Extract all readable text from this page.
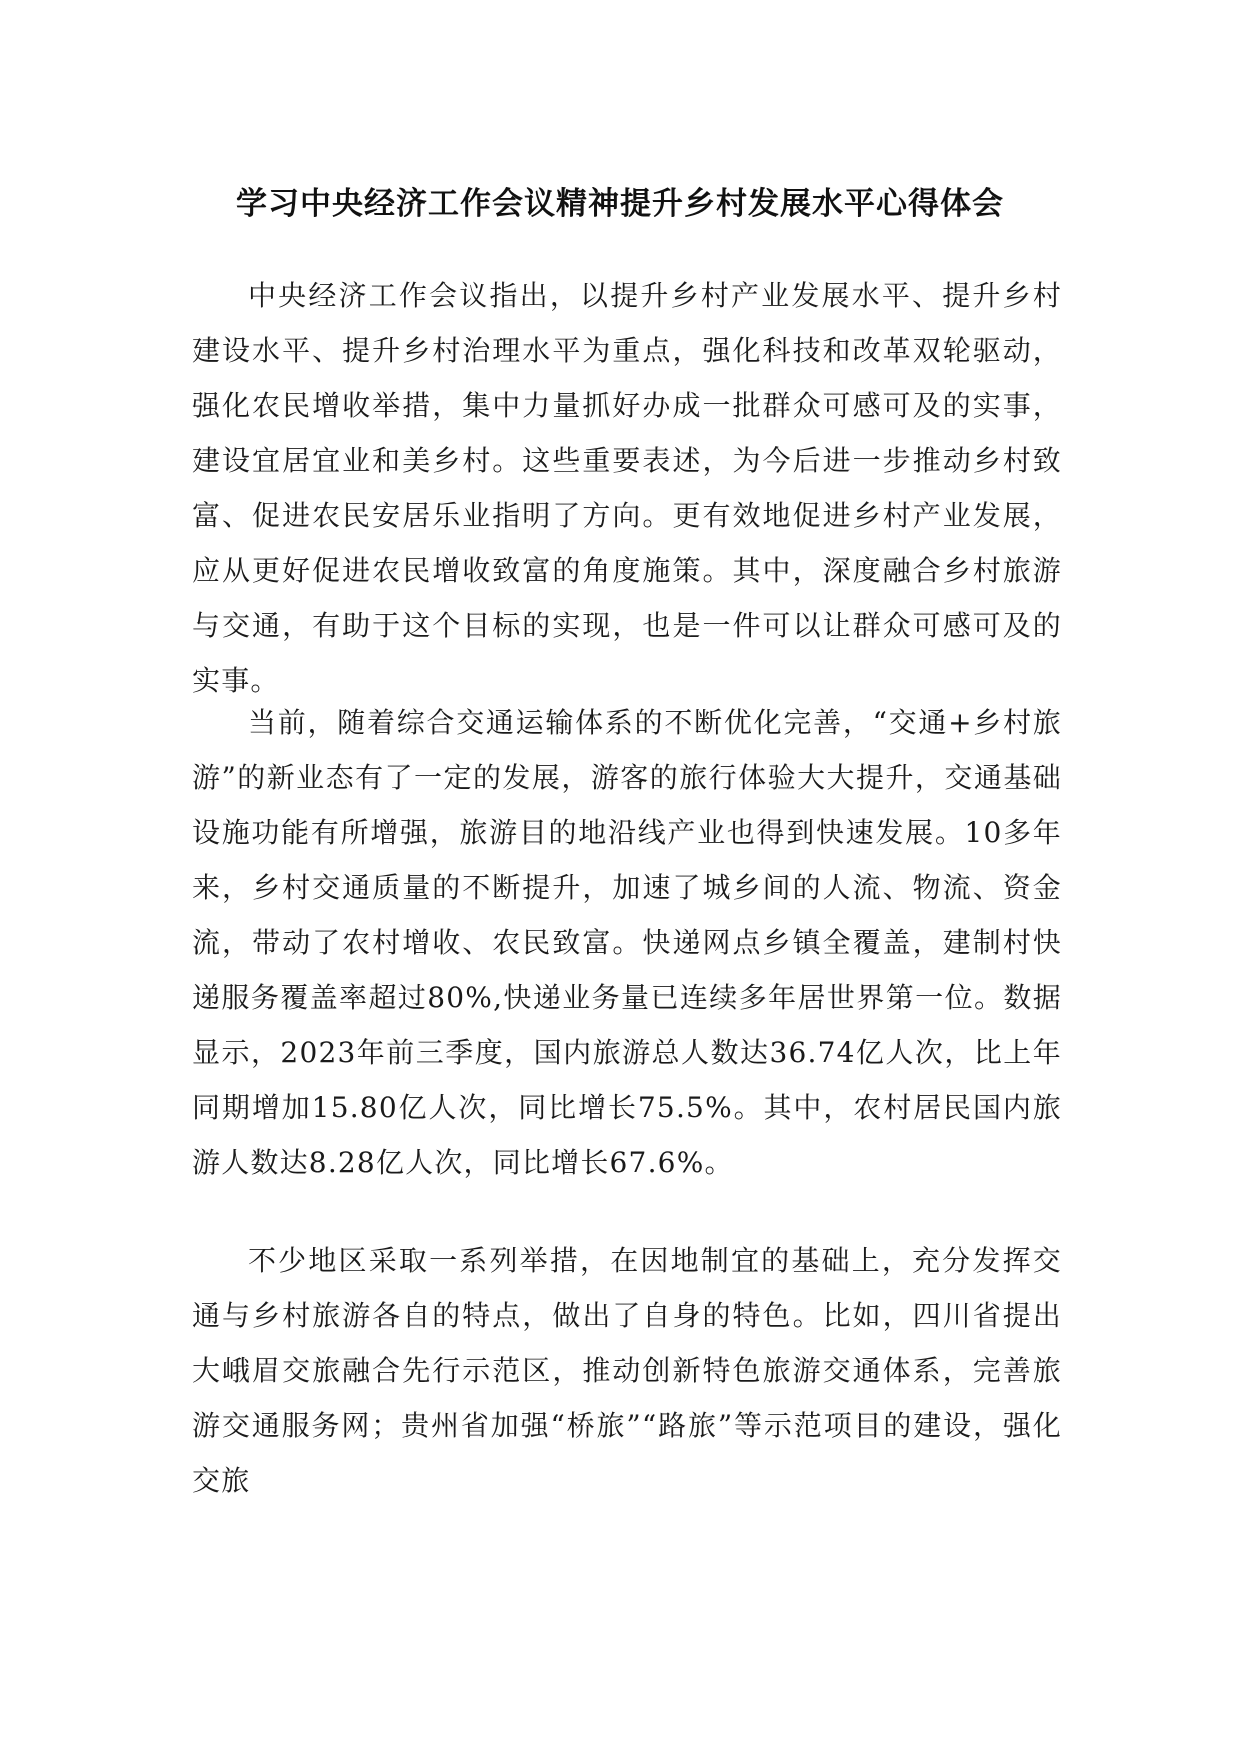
学习中央经济工作会议精神提升乡村发展水平心得体会

中央经济工作会议指出，以提升乡村产业发展水平、提升乡村建设水平、提升乡村治理水平为重点，强化科技和改革双轮驱动，强化农民增收举措，集中力量抓好办成一批群众可感可及的实事，建设宜居宜业和美乡村。这些重要表述，为今后进一步推动乡村致富、促进农民安居乐业指明了方向。更有效地促进乡村产业发展，应从更好促进农民增收致富的角度施策。其中，深度融合乡村旅游与交通，有助于这个目标的实现，也是一件可以让群众可感可及的实事。

当前，随着综合交通运输体系的不断优化完善，“交通+乡村旅游”的新业态有了一定的发展，游客的旅行体验大大提升，交通基础设施功能有所增强，旅游目的地沿线产业也得到快速发展。10多年来，乡村交通质量的不断提升，加速了城乡间的人流、物流、资金流，带动了农村增收、农民致富。快递网点乡镇全覆盖，建制村快递服务覆盖率超过80%,快递业务量已连续多年居世界第一位。数据显示，2023年前三季度，国内旅游总人数达36.74亿人次，比上年同期增加15.80亿人次，同比增长75.5%。其中，农村居民国内旅游人数达8.28亿人次，同比增长67.6%。

不少地区采取一系列举措，在因地制宜的基础上，充分发挥交通与乡村旅游各自的特点，做出了自身的特色。比如，四川省提出大峨眉交旅融合先行示范区，推动创新特色旅游交通体系，完善旅游交通服务网；贵州省加强“桥旅”“路旅”等示范项目的建设，强化交旅
